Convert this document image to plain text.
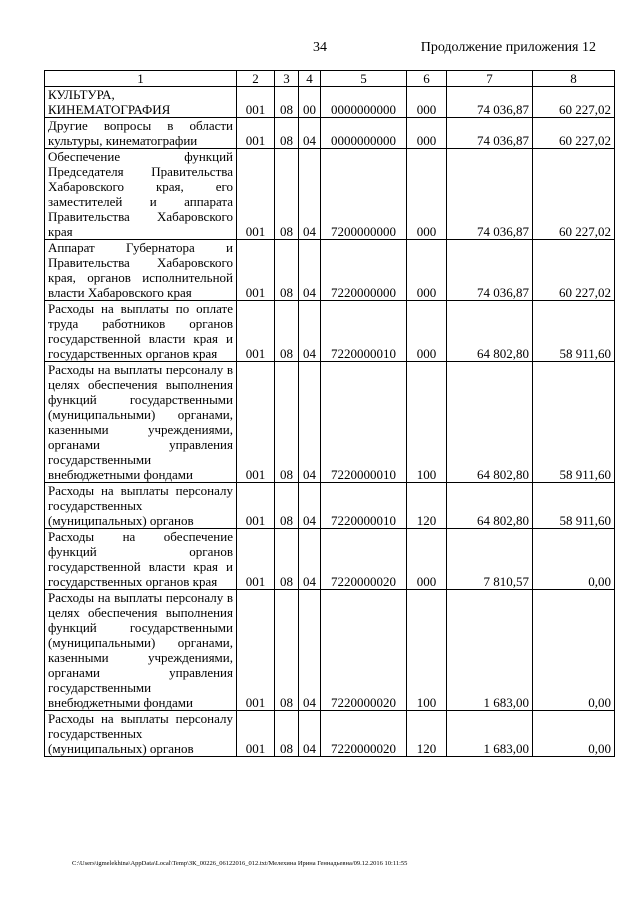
34	Продолжение приложения 12
1	2	3	4	5	6	7	8
КУЛЬТУРА, КИНЕМАТОГРАФИЯ	001	08	00	0000000000	000	74 036,87	60 227,02
Другие вопросы в области культуры, кинематографии	001	08	04	0000000000	000	74 036,87	60 227,02
Обеспечение функций Председателя Правительства Хабаровского края, его заместителей и аппарата Правительства Хабаровского края	001	08	04	7200000000	000	74 036,87	60 227,02
Аппарат Губернатора и Правительства Хабаровского края, органов исполнительной власти Хабаровского края	001	08	04	7220000000	000	74 036,87	60 227,02
Расходы на выплаты по оплате труда работников органов государственной власти края и государственных органов края	001	08	04	7220000010	000	64 802,80	58 911,60
Расходы на выплаты персоналу в целях обеспечения выполнения функций государственными (муниципальными) органами, казенными учреждениями, органами управления государственными внебюджетными фондами	001	08	04	7220000010	100	64 802,80	58 911,60
Расходы на выплаты персоналу государственных (муниципальных) органов	001	08	04	7220000010	120	64 802,80	58 911,60
Расходы на обеспечение функций органов государственной власти края и государственных органов края	001	08	04	7220000020	000	7 810,57	0,00
Расходы на выплаты персоналу в целях обеспечения выполнения функций государственными (муниципальными) органами, казенными учреждениями, органами управления государственными внебюджетными фондами	001	08	04	7220000020	100	1 683,00	0,00
Расходы на выплаты персоналу государственных (муниципальных) органов	001	08	04	7220000020	120	1 683,00	0,00
C:\Users\igmelekhina\AppData\Local\Temp\ЗК_00226_06122016_012.txt/Мелехина Ирина Геннадьевна/09.12.2016 10:11:55
